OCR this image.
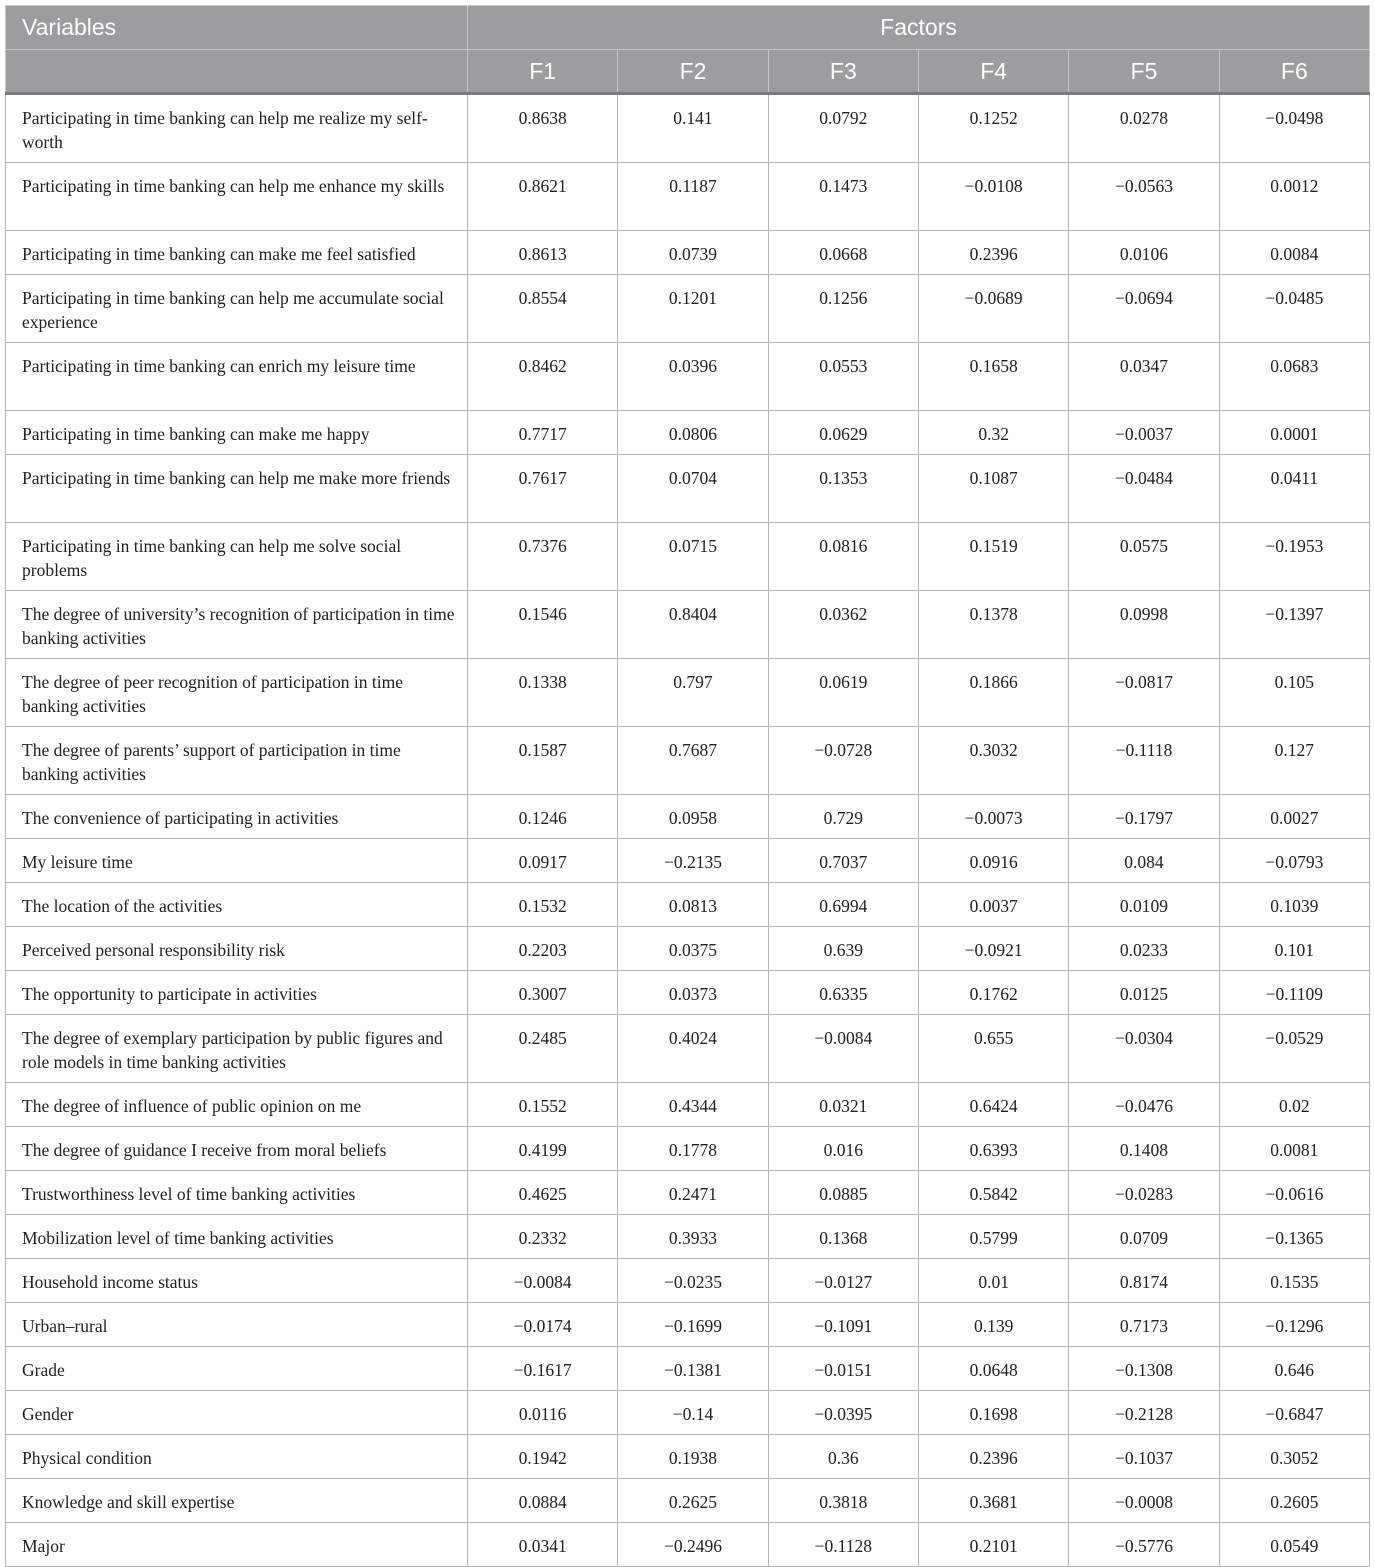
Variables	Factors					
	F1	F2	F3	F4	F5	F6
Participating in time banking can help me realize my self-worth	0.8638	0.141	0.0792	0.1252	0.0278	−0.0498
Participating in time banking can help me enhance my skills	0.8621	0.1187	0.1473	−0.0108	−0.0563	0.0012
Participating in time banking can make me feel satisfied	0.8613	0.0739	0.0668	0.2396	0.0106	0.0084
Participating in time banking can help me accumulate social experience	0.8554	0.1201	0.1256	−0.0689	−0.0694	−0.0485
Participating in time banking can enrich my leisure time	0.8462	0.0396	0.0553	0.1658	0.0347	0.0683
Participating in time banking can make me happy	0.7717	0.0806	0.0629	0.32	−0.0037	0.0001
Participating in time banking can help me make more friends	0.7617	0.0704	0.1353	0.1087	−0.0484	0.0411
Participating in time banking can help me solve social problems	0.7376	0.0715	0.0816	0.1519	0.0575	−0.1953
The degree of university’s recognition of participation in time banking activities	0.1546	0.8404	0.0362	0.1378	0.0998	−0.1397
The degree of peer recognition of participation in time banking activities	0.1338	0.797	0.0619	0.1866	−0.0817	0.105
The degree of parents’ support of participation in time banking activities	0.1587	0.7687	−0.0728	0.3032	−0.1118	0.127
The convenience of participating in activities	0.1246	0.0958	0.729	−0.0073	−0.1797	0.0027
My leisure time	0.0917	−0.2135	0.7037	0.0916	0.084	−0.0793
The location of the activities	0.1532	0.0813	0.6994	0.0037	0.0109	0.1039
Perceived personal responsibility risk	0.2203	0.0375	0.639	−0.0921	0.0233	0.101
The opportunity to participate in activities	0.3007	0.0373	0.6335	0.1762	0.0125	−0.1109
The degree of exemplary participation by public figures and role models in time banking activities	0.2485	0.4024	−0.0084	0.655	−0.0304	−0.0529
The degree of influence of public opinion on me	0.1552	0.4344	0.0321	0.6424	−0.0476	0.02
The degree of guidance I receive from moral beliefs	0.4199	0.1778	0.016	0.6393	0.1408	0.0081
Trustworthiness level of time banking activities	0.4625	0.2471	0.0885	0.5842	−0.0283	−0.0616
Mobilization level of time banking activities	0.2332	0.3933	0.1368	0.5799	0.0709	−0.1365
Household income status	−0.0084	−0.0235	−0.0127	0.01	0.8174	0.1535
Urban–rural	−0.0174	−0.1699	−0.1091	0.139	0.7173	−0.1296
Grade	−0.1617	−0.1381	−0.0151	0.0648	−0.1308	0.646
Gender	0.0116	−0.14	−0.0395	0.1698	−0.2128	−0.6847
Physical condition	0.1942	0.1938	0.36	0.2396	−0.1037	0.3052
Knowledge and skill expertise	0.0884	0.2625	0.3818	0.3681	−0.0008	0.2605
Major	0.0341	−0.2496	−0.1128	0.2101	−0.5776	0.0549
